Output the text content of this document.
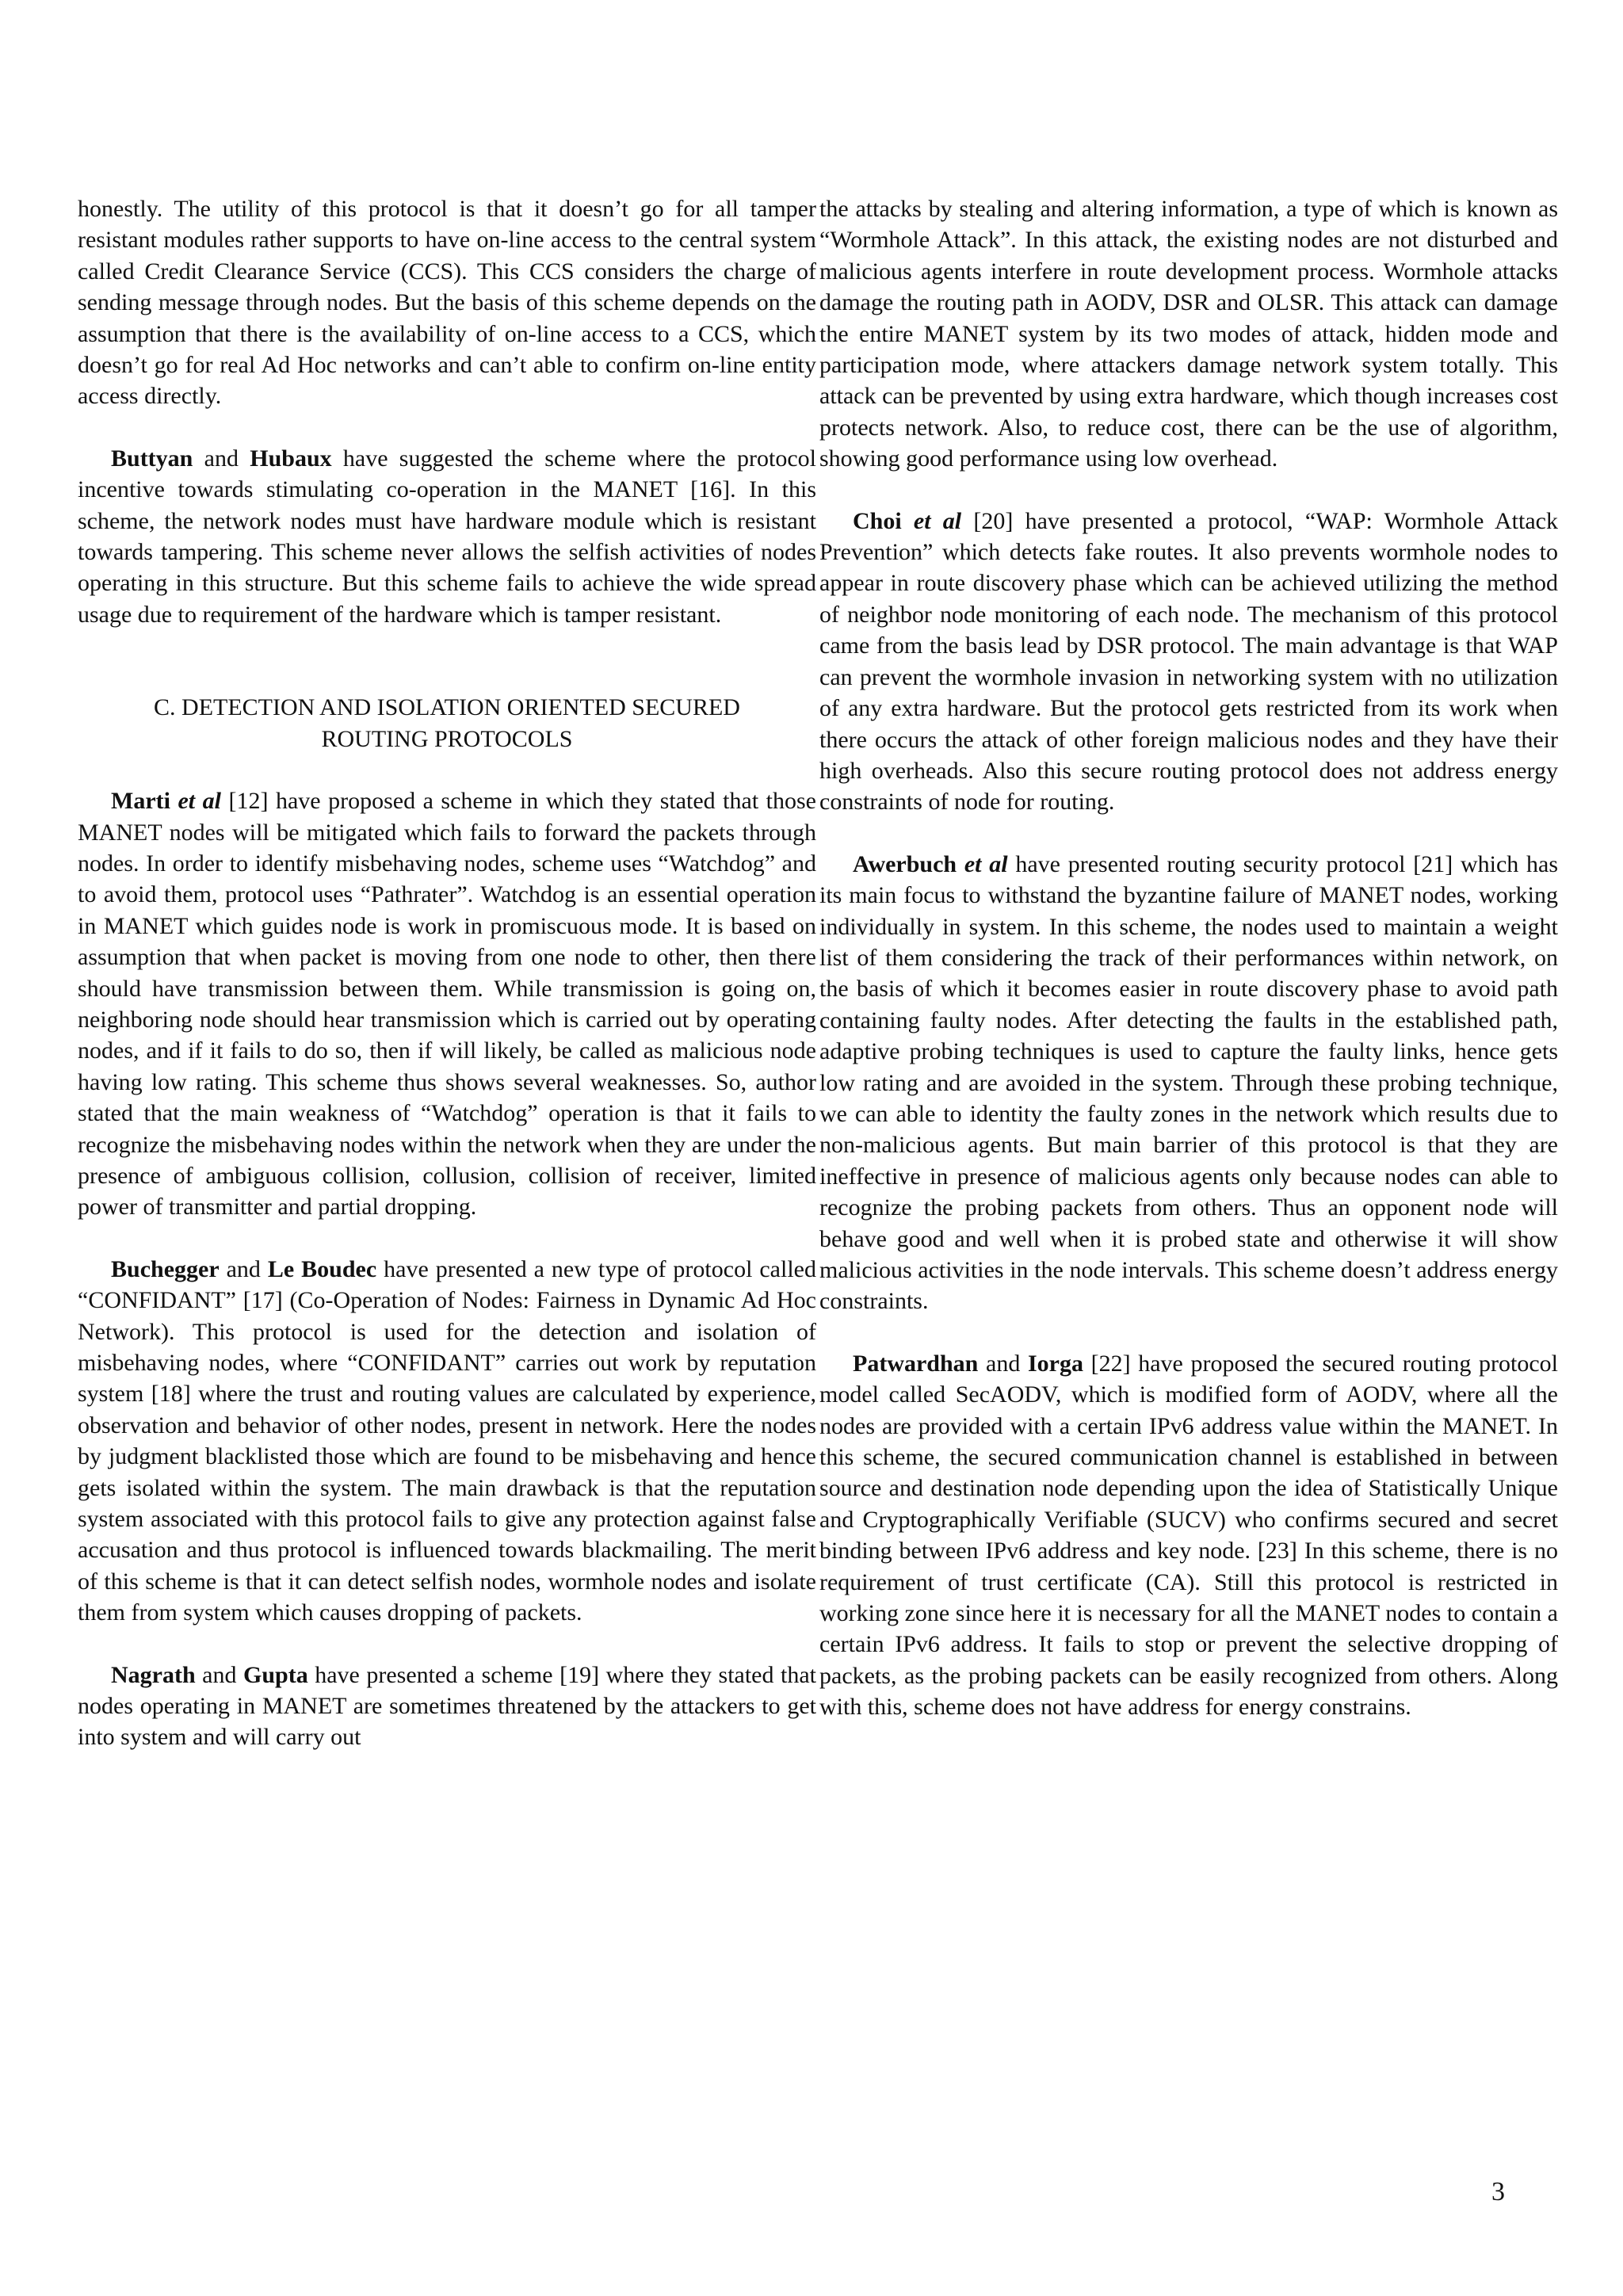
honestly. The utility of this protocol is that it doesn’t go for all tamper resistant modules rather supports to have on-line access to the central system called Credit Clearance Service (CCS). This CCS considers the charge of sending message through nodes. But the basis of this scheme depends on the assumption that there is the availability of on-line access to a CCS, which doesn’t go for real Ad Hoc networks and can’t able to confirm on-line entity access directly.

Buttyan and Hubaux have suggested the scheme where the protocol incentive towards stimulating co-operation in the MANET [16]. In this scheme, the network nodes must have hardware module which is resistant towards tampering. This scheme never allows the selfish activities of nodes operating in this structure. But this scheme fails to achieve the wide spread usage due to requirement of the hardware which is tamper resistant.

C. DETECTION AND ISOLATION ORIENTED SECURED
ROUTING PROTOCOLS

Marti et al [12] have proposed a scheme in which they stated that those MANET nodes will be mitigated which fails to forward the packets through nodes. In order to identify misbehaving nodes, scheme uses “Watchdog” and to avoid them, protocol uses “Pathrater”. Watchdog is an essential operation in MANET which guides node is work in promiscuous mode. It is based on assumption that when packet is moving from one node to other, then there should have transmission between them. While transmission is going on, neighboring node should hear transmission which is carried out by operating nodes, and if it fails to do so, then if will likely, be called as malicious node having low rating. This scheme thus shows several weaknesses. So, author stated that the main weakness of “Watchdog” operation is that it fails to recognize the misbehaving nodes within the network when they are under the presence of ambiguous collision, collusion, collision of receiver, limited power of transmitter and partial dropping.

Buchegger and Le Boudec have presented a new type of protocol called “CONFIDANT” [17] (Co-Operation of Nodes: Fairness in Dynamic Ad Hoc Network). This protocol is used for the detection and isolation of misbehaving nodes, where “CONFIDANT” carries out work by reputation system [18] where the trust and routing values are calculated by experience, observation and behavior of other nodes, present in network. Here the nodes by judgment blacklisted those which are found to be misbehaving and hence gets isolated within the system. The main drawback is that the reputation system associated with this protocol fails to give any protection against false accusation and thus protocol is influenced towards blackmailing. The merit of this scheme is that it can detect selfish nodes, wormhole nodes and isolate them from system which causes dropping of packets.

Nagrath and Gupta have presented a scheme [19] where they stated that nodes operating in MANET are sometimes threatened by the attackers to get into system and will carry out

the attacks by stealing and altering information, a type of which is known as “Wormhole Attack”. In this attack, the existing nodes are not disturbed and malicious agents interfere in route development process. Wormhole attacks damage the routing path in AODV, DSR and OLSR. This attack can damage the entire MANET system by its two modes of attack, hidden mode and participation mode, where attackers damage network system totally. This attack can be prevented by using extra hardware, which though increases cost protects network. Also, to reduce cost, there can be the use of algorithm, showing good performance using low overhead.

Choi et al [20] have presented a protocol, “WAP: Wormhole Attack Prevention” which detects fake routes. It also prevents wormhole nodes to appear in route discovery phase which can be achieved utilizing the method of neighbor node monitoring of each node. The mechanism of this protocol came from the basis lead by DSR protocol. The main advantage is that WAP can prevent the wormhole invasion in networking system with no utilization of any extra hardware. But the protocol gets restricted from its work when there occurs the attack of other foreign malicious nodes and they have their high overheads. Also this secure routing protocol does not address energy constraints of node for routing.

Awerbuch et al have presented routing security protocol [21] which has its main focus to withstand the byzantine failure of MANET nodes, working individually in system. In this scheme, the nodes used to maintain a weight list of them considering the track of their performances within network, on the basis of which it becomes easier in route discovery phase to avoid path containing faulty nodes. After detecting the faults in the established path, adaptive probing techniques is used to capture the faulty links, hence gets low rating and are avoided in the system. Through these probing technique, we can able to identity the faulty zones in the network which results due to non-malicious agents. But main barrier of this protocol is that they are ineffective in presence of malicious agents only because nodes can able to recognize the probing packets from others. Thus an opponent node will behave good and well when it is probed state and otherwise it will show malicious activities in the node intervals. This scheme doesn’t address energy constraints.

Patwardhan and Iorga [22] have proposed the secured routing protocol model called SecAODV, which is modified form of AODV, where all the nodes are provided with a certain IPv6 address value within the MANET. In this scheme, the secured communication channel is established in between source and destination node depending upon the idea of Statistically Unique and Cryptographically Verifiable (SUCV) who confirms secured and secret binding between IPv6 address and key node. [23] In this scheme, there is no requirement of trust certificate (CA). Still this protocol is restricted in working zone since here it is necessary for all the MANET nodes to contain a certain IPv6 address. It fails to stop or prevent the selective dropping of packets, as the probing packets can be easily recognized from others. Along with this, scheme does not have address for energy constrains.

3
